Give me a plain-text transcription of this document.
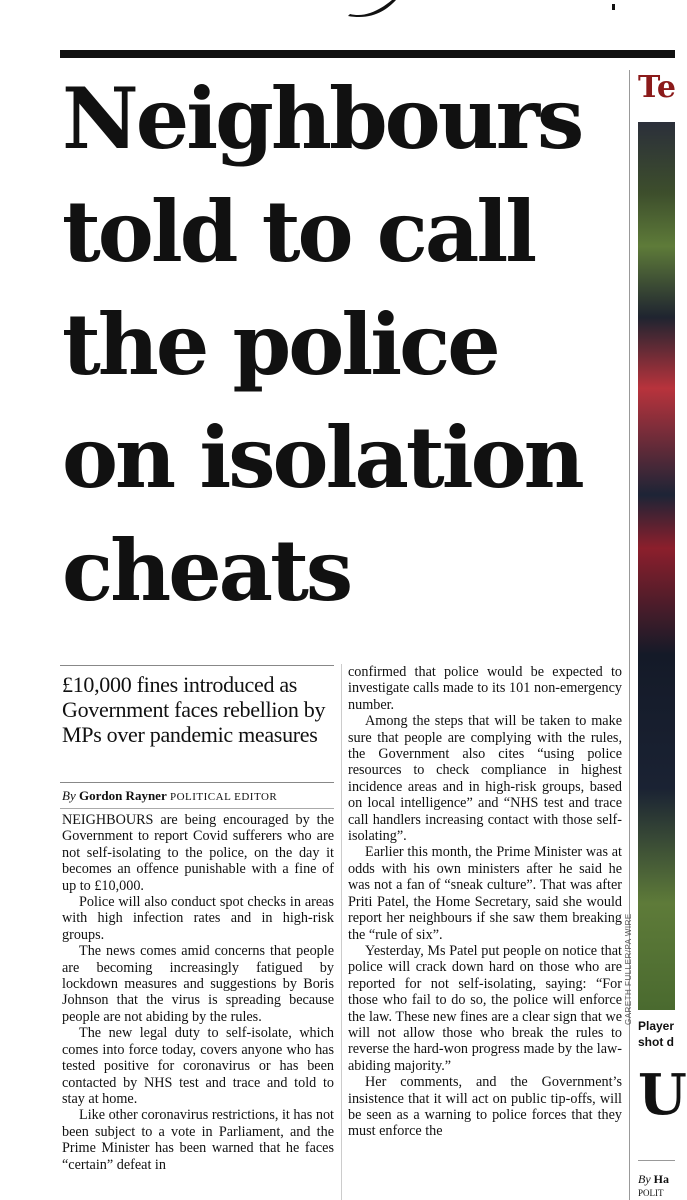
Neighbours
told to call
the police
on isolation
cheats

£10,000 fines introduced as Government faces rebellion by MPs over pandemic measures

By Gordon Rayner POLITICAL EDITOR

NEIGHBOURS are being encouraged by the Government to report Covid sufferers who are not self-isolating to the police, on the day it becomes an offence punishable with a fine of up to £10,000.

Police will also conduct spot checks in areas with high infection rates and in high-risk groups.

The news comes amid concerns that people are becoming increasingly fatigued by lockdown measures and suggestions by Boris Johnson that the virus is spreading because people are not abiding by the rules.

The new legal duty to self-isolate, which comes into force today, covers anyone who has tested positive for coronavirus or has been contacted by NHS test and trace and told to stay at home.

Like other coronavirus restrictions, it has not been subject to a vote in Parliament, and the Prime Minister has been warned that he faces “certain” defeat in

confirmed that police would be expected to investigate calls made to its 101 non-emergency number.

Among the steps that will be taken to make sure that people are complying with the rules, the Government also cites “using police resources to check compliance in highest incidence areas and in high-risk groups, based on local intelligence” and “NHS test and trace call handlers increasing contact with those self-isolating”.

Earlier this month, the Prime Minister was at odds with his own ministers after he said he was not a fan of “sneak culture”. That was after Priti Patel, the Home Secretary, said she would report her neighbours if she saw them breaking the “rule of six”.

Yesterday, Ms Patel put people on notice that police will crack down hard on those who are reported for not self-isolating, saying: “For those who fail to do so, the police will enforce the law. These new fines are a clear sign that we will not allow those who break the rules to reverse the hard-won progress made by the law-abiding majority.”

Her comments, and the Government’s insistence that it will act on public tip-offs, will be seen as a warning to police forces that they must enforce the

Te
GARETH FULLER/PA WIRE
Player
shot d
U
By Ha
POLIT
